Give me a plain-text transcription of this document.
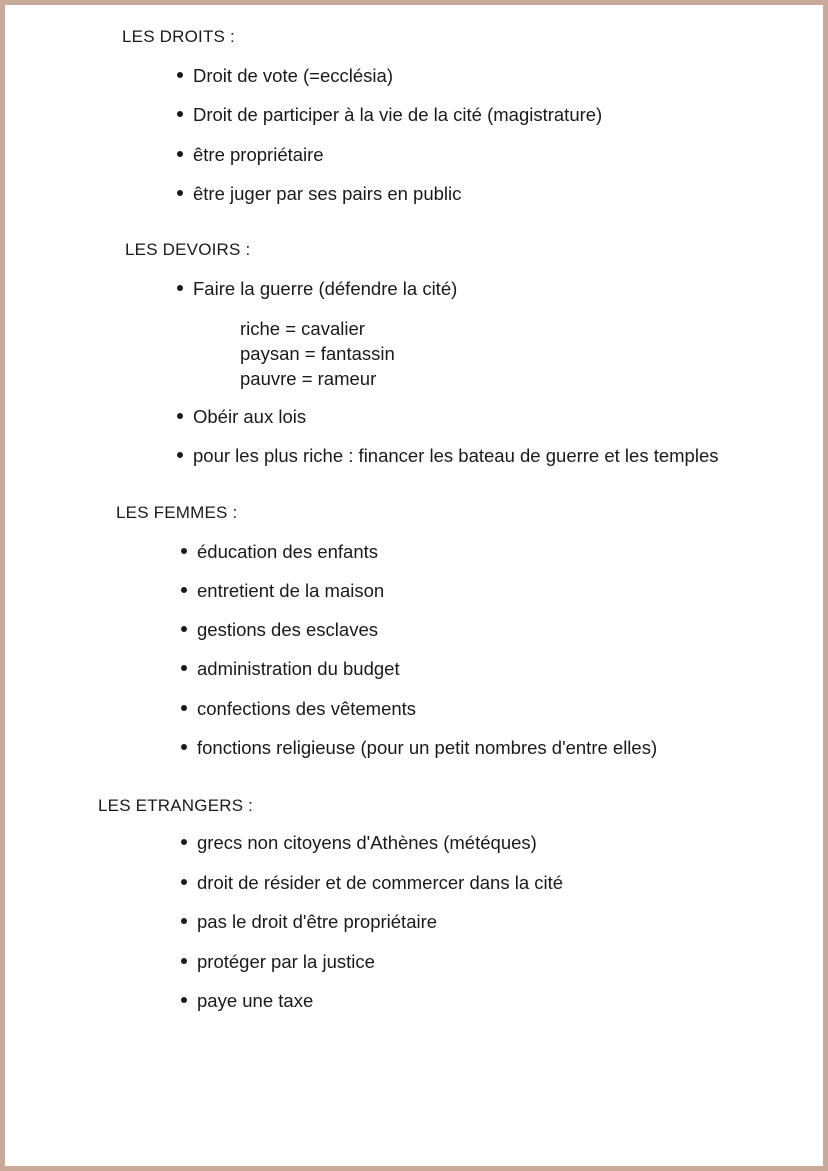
LES DROITS :
Droit de vote (=ecclésia)
Droit de participer à la vie de la cité (magistrature)
être propriétaire
être juger par ses pairs en public
LES DEVOIRS :
Faire la guerre (défendre la cité)
riche = cavalier
paysan = fantassin
pauvre = rameur
Obéir aux lois
pour les plus riche : financer les bateau de guerre et les temples
LES FEMMES :
éducation des enfants
entretient de la maison
gestions des esclaves
administration du budget
confections des vêtements
fonctions religieuse (pour un petit nombres d'entre elles)
LES ETRANGERS :
grecs non citoyens d'Athènes (météques)
droit de résider et de commercer dans la cité
pas le droit d'être propriétaire
protéger par la justice
paye une taxe
